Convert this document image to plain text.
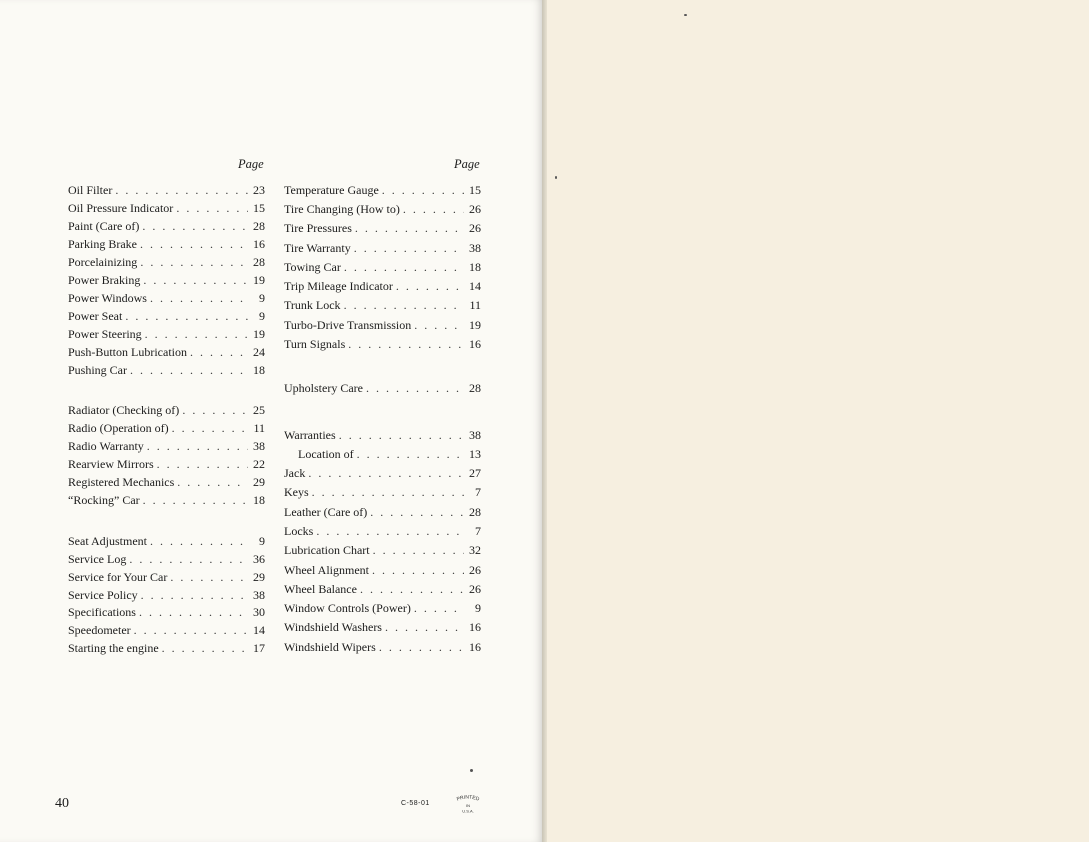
Page	Page
Oil Filter . . .	23
Oil Pressure Indicator . . .	15
Paint (Care of) . . .	28
Parking Brake . . .	16
Porcelainizing . . .	28
Power Braking . . .	19
Power Windows . . .	9
Power Seat . . .	9
Power Steering . . .	19
Push-Button Lubrication . . .	24
Pushing Car . . .	18
Radiator (Checking of) . . .	25
Radio (Operation of) . . .	11
Radio Warranty . . .	38
Rearview Mirrors . . .	22
Registered Mechanics . . .	29
“Rocking” Car . . .	18
Seat Adjustment . . .	9
Service Log . . .	36
Service for Your Car . . .	29
Service Policy . . .	38
Specifications . . .	30
Speedometer . . .	14
Starting the engine . . .	17
Temperature Gauge . . .	15
Tire Changing (How to) . . .	26
Tire Pressures . . .	26
Tire Warranty . . .	38
Towing Car . . .	18
Trip Mileage Indicator . . .	14
Trunk Lock . . .	11
Turbo-Drive Transmission . . .	19
Turn Signals . . .	16
Upholstery Care . . .	28
Warranties . . .	38
Location of . . .	13
Jack . . .	27
Keys . . .	7
Leather (Care of) . . .	28
Locks . . .	7
Lubrication Chart . . .	32
Wheel Alignment . . .	26
Wheel Balance . . .	26
Window Controls (Power) . . .	9
Windshield Washers . . .	16
Windshield Wipers . . .	16
40	C-58-01
PRINTED
IN
U.S.A.
